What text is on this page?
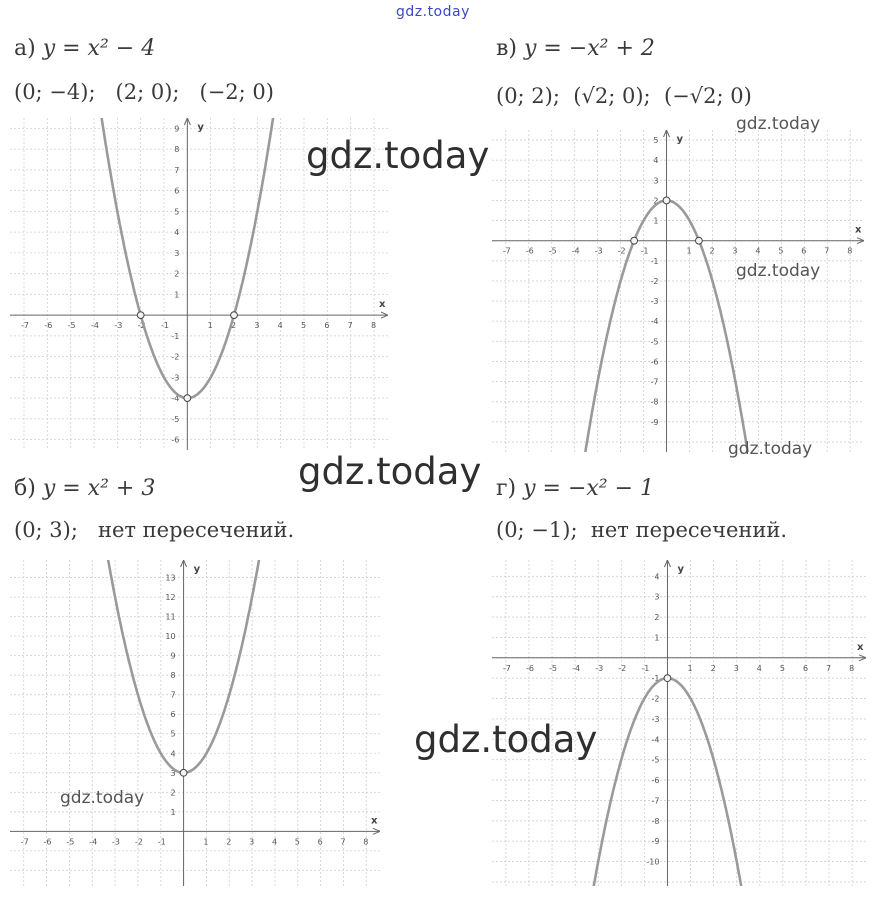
gdz.today
а) y = x² − 4
(0; −4);   (2; 0);   (−2; 0)
в) y = −x² + 2
(0; 2);  (√2; 0);  (−√2; 0)
б) y = x² + 3
(0; 3);   нет пересечений.
г) y = −x² − 1
(0; −1);  нет пересечений.
x
y
-7 -6 -5 -4 -3 -2 -1	1 2 3 4 5 6 7 8
9
8
7
6
5
4
3
2
1
-1
-2
-3
-4
-5
-6
x
y
-7 -6 -5 -4 -3 -2 -1	1 2 3 4 5 6 7 8
5
4
3
2
1
-1
-2
-3
-4
-5
-6
-7
-8
-9
x
y
-7 -6 -5 -4 -3 -2 -1	1 2 3 4 5 6 7 8
13
12
11
10
9
8
7
6
5
4
3
2
1
x
y
-7 -6 -5 -4 -3 -2 -1	1 2 3 4 5 6 7 8
4
3
2
1
-1
-2
-3
-4
-5
-6
-7
-8
-9
-10
gdz.today
gdz.today
gdz.today
gdz.today
gdz.today
gdz.today
gdz.today
